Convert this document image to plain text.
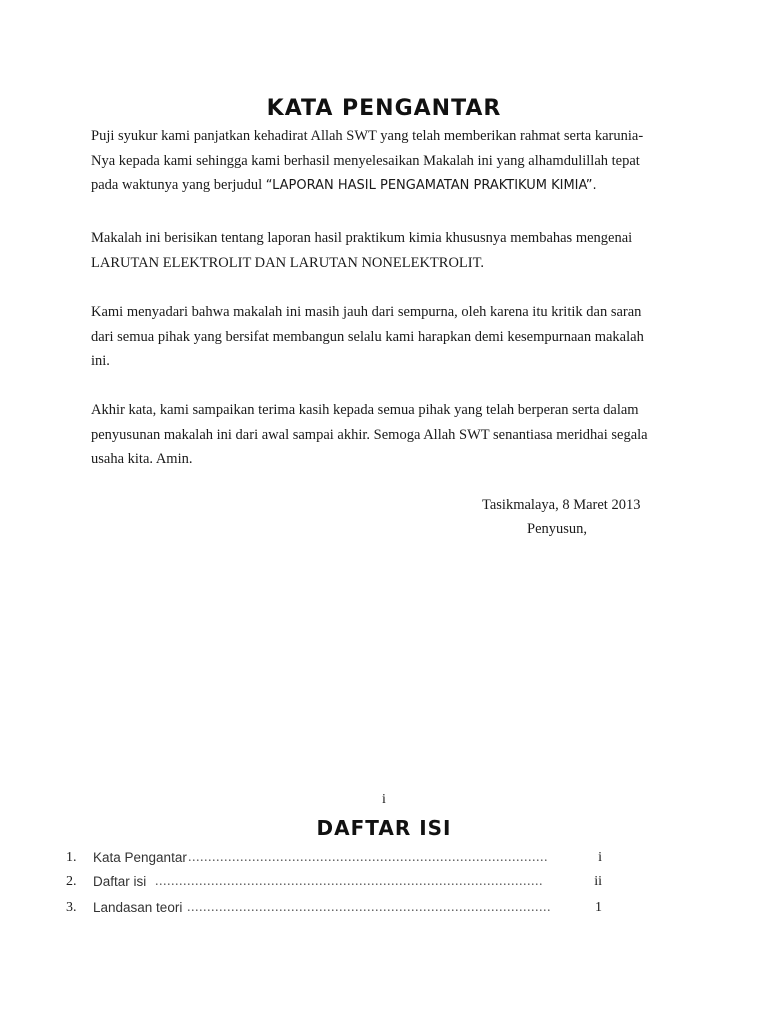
KATA PENGANTAR
Puji syukur kami panjatkan kehadirat Allah SWT yang telah memberikan rahmat serta karunia-
Nya kepada kami sehingga kami berhasil menyelesaikan Makalah ini yang alhamdulillah tepat
pada waktunya yang berjudul “LAPORAN HASIL PENGAMATAN PRAKTIKUM KIMIA”.
Makalah ini berisikan tentang laporan hasil praktikum kimia khususnya membahas mengenai
LARUTAN ELEKTROLIT DAN LARUTAN NONELEKTROLIT.
Kami menyadari bahwa makalah ini masih jauh dari sempurna, oleh karena itu kritik dan saran
dari semua pihak yang bersifat membangun selalu kami harapkan demi kesempurnaan makalah
ini.
Akhir kata, kami sampaikan terima kasih kepada semua pihak yang telah berperan serta dalam
penyusunan makalah ini dari awal sampai akhir. Semoga Allah SWT senantiasa meridhai segala
usaha kita. Amin.
Tasikmalaya, 8 Maret 2013
Penyusun,
i
DAFTAR ISI
1.	Kata Pengantar ..........................................................................................	i
2.	Daftar isi .................................................................................................	ii
3.	Landasan teori ...........................................................................................	1
